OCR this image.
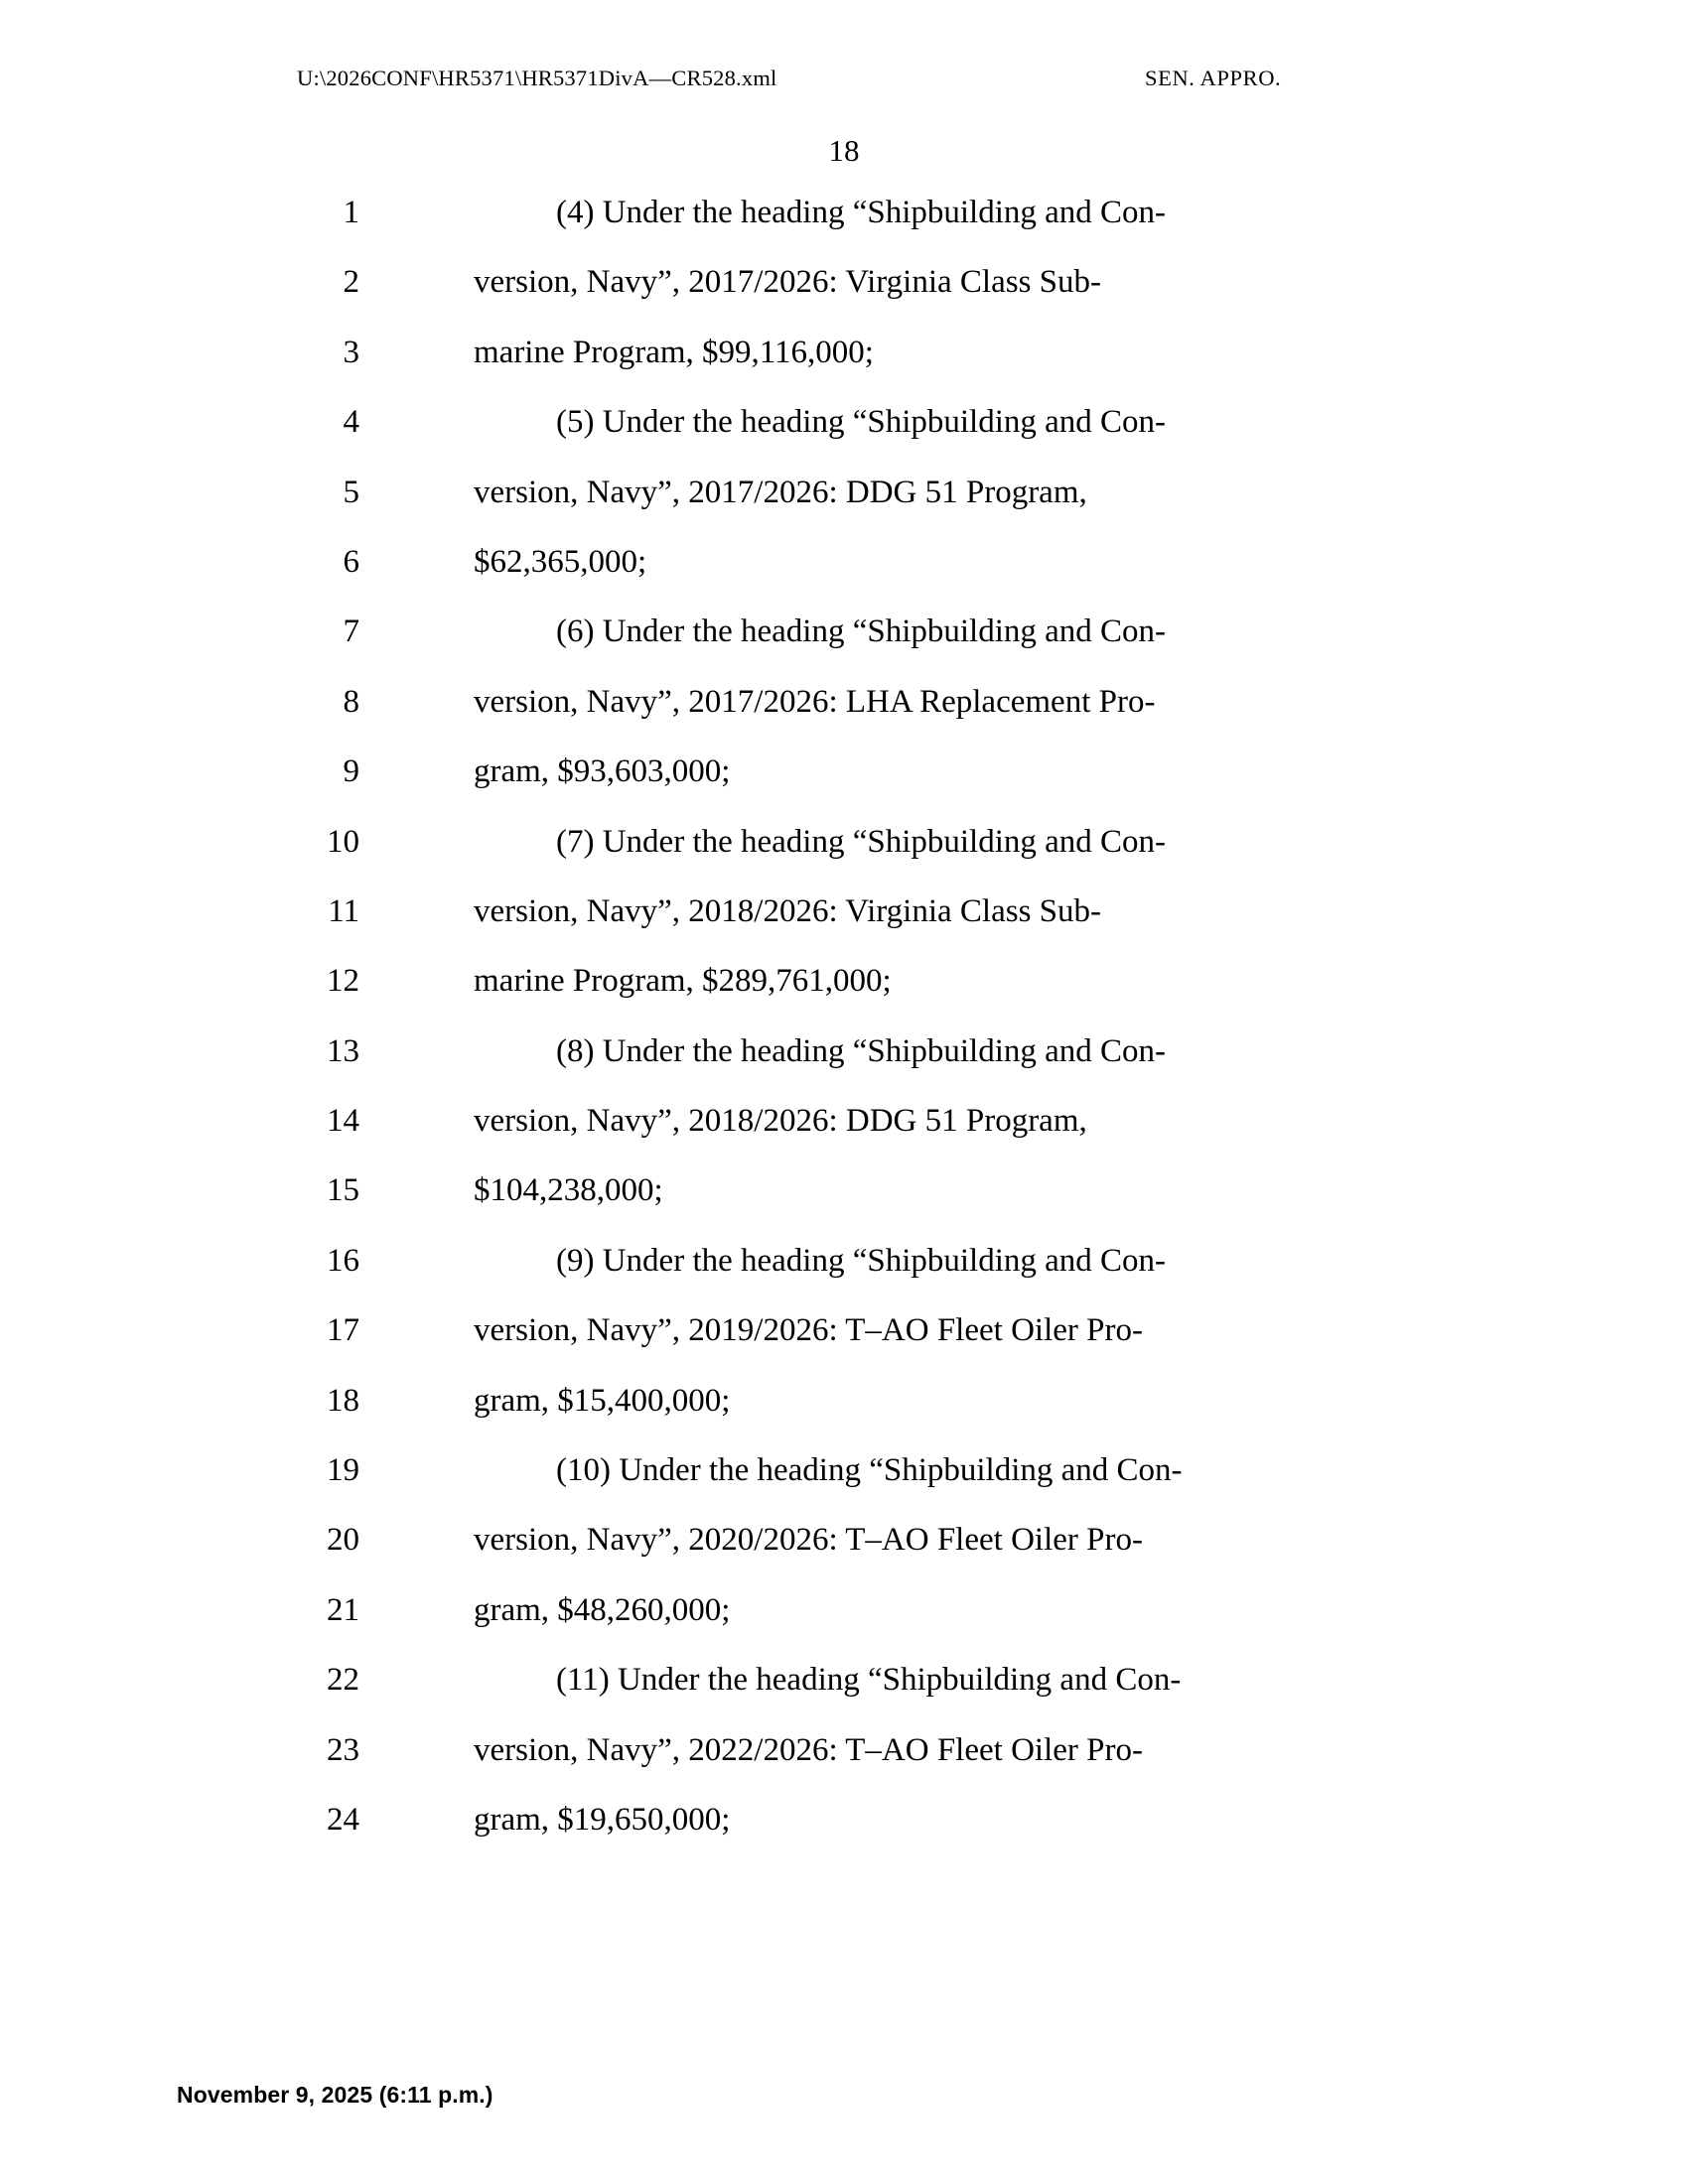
U:\2026CONF\HR5371\HR5371DivA—CR528.xml	SEN. APPRO.
18
1	(4) Under the heading “Shipbuilding and Con-
2	version, Navy”, 2017/2026: Virginia Class Sub-
3	marine Program, $99,116,000;
4	(5) Under the heading “Shipbuilding and Con-
5	version, Navy”, 2017/2026: DDG 51 Program,
6	$62,365,000;
7	(6) Under the heading “Shipbuilding and Con-
8	version, Navy”, 2017/2026: LHA Replacement Pro-
9	gram, $93,603,000;
10	(7) Under the heading “Shipbuilding and Con-
11	version, Navy”, 2018/2026: Virginia Class Sub-
12	marine Program, $289,761,000;
13	(8) Under the heading “Shipbuilding and Con-
14	version, Navy”, 2018/2026: DDG 51 Program,
15	$104,238,000;
16	(9) Under the heading “Shipbuilding and Con-
17	version, Navy”, 2019/2026: T–AO Fleet Oiler Pro-
18	gram, $15,400,000;
19	(10) Under the heading “Shipbuilding and Con-
20	version, Navy”, 2020/2026: T–AO Fleet Oiler Pro-
21	gram, $48,260,000;
22	(11) Under the heading “Shipbuilding and Con-
23	version, Navy”, 2022/2026: T–AO Fleet Oiler Pro-
24	gram, $19,650,000;
November 9, 2025 (6:11 p.m.)
